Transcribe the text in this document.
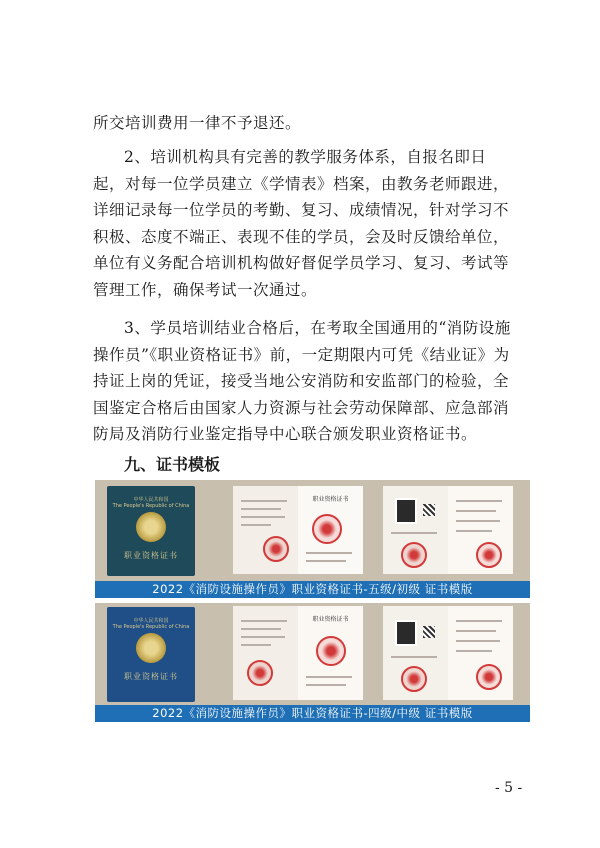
所交培训费用一律不予退还。
2、培训机构具有完善的教学服务体系，自报名即日起，对每一位学员建立《学情表》档案，由教务老师跟进，详细记录每一位学员的考勤、复习、成绩情况，针对学习不积极、态度不端正、表现不佳的学员，会及时反馈给单位，单位有义务配合培训机构做好督促学员学习、复习、考试等管理工作，确保考试一次通过。
3、学员培训结业合格后，在考取全国通用的“消防设施操作员”《职业资格证书》前，一定期限内可凭《结业证》为持证上岗的凭证，接受当地公安消防和安监部门的检验，全国鉴定合格后由国家人力资源与社会劳动保障部、应急部消防局及消防行业鉴定指导中心联合颁发职业资格证书。
九、证书模板
中华人民共和国
The People's Republic of China
职业资格证书
职业资格证书
2022《消防设施操作员》职业资格证书-五级/初级 证书模版
中华人民共和国
The People's Republic of China
职业资格证书
职业资格证书
2022《消防设施操作员》职业资格证书-四级/中级 证书模版
- 5 -
